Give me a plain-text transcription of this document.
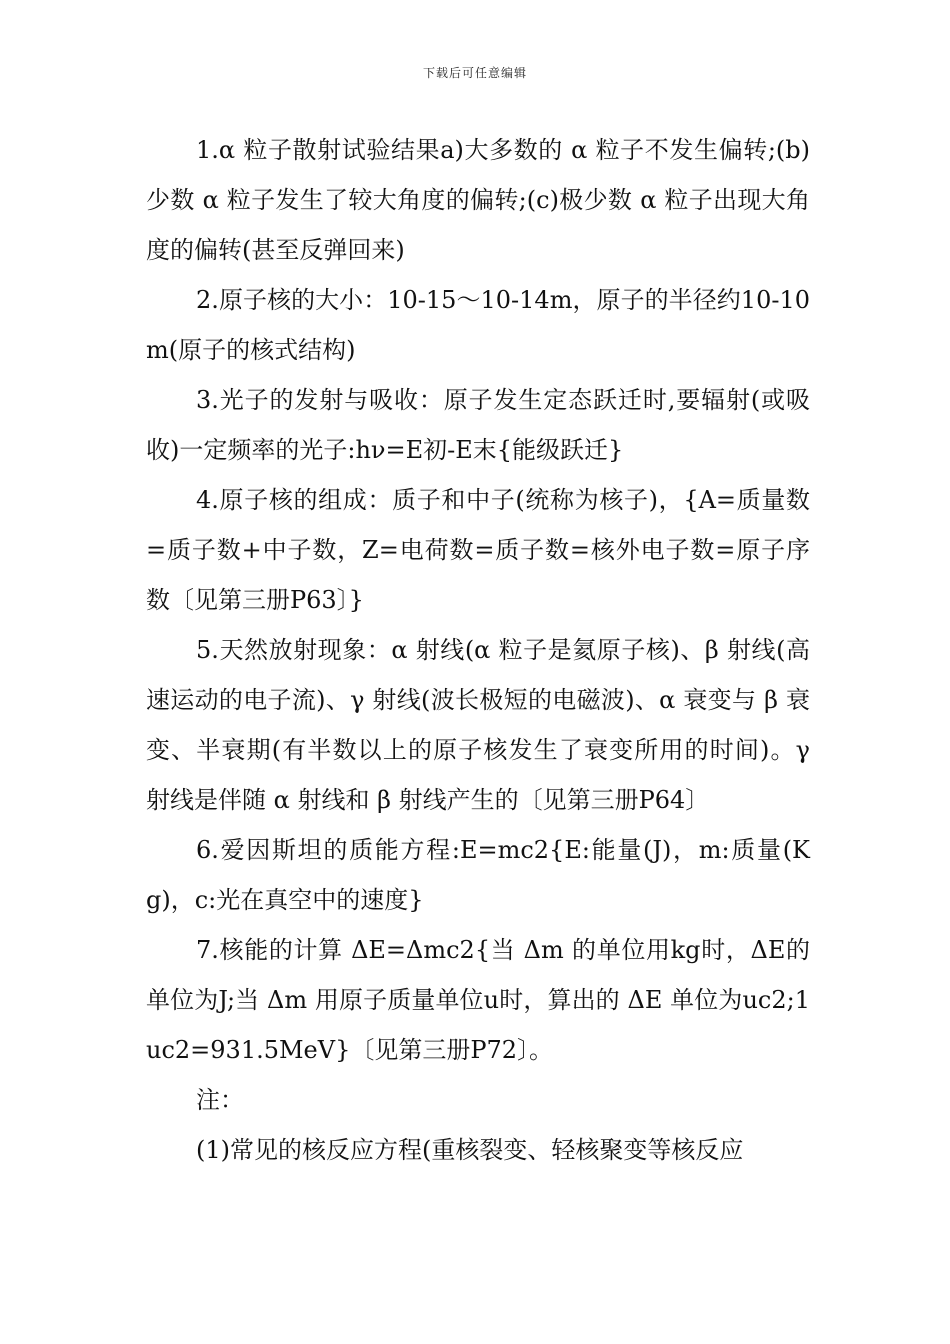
下载后可任意编辑

1.α 粒子散射试验结果a)大多数的 α 粒子不发生偏转;(b)少数 α 粒子发生了较大角度的偏转;(c)极少数 α 粒子出现大角度的偏转(甚至反弹回来)

2.原子核的大小：10-15～10-14m，原子的半径约10-10m(原子的核式结构)

3.光子的发射与吸收：原子发生定态跃迁时,要辐射(或吸收)一定频率的光子:hν=E初-E末{能级跃迁}

4.原子核的组成：质子和中子(统称为核子)，{A=质量数=质子数+中子数，Z=电荷数=质子数=核外电子数=原子序数〔见第三册P63〕}

5.天然放射现象：α 射线(α 粒子是氦原子核)、β 射线(高速运动的电子流)、γ 射线(波长极短的电磁波)、α 衰变与 β 衰变、半衰期(有半数以上的原子核发生了衰变所用的时间)。γ 射线是伴随 α 射线和 β 射线产生的〔见第三册P64〕

6.爱因斯坦的质能方程:E=mc2{E:能量(J)，m:质量(Kg)，c:光在真空中的速度}

7.核能的计算 ΔE=Δmc2{当 Δm 的单位用kg时，ΔE的单位为J;当 Δm 用原子质量单位u时，算出的 ΔE 单位为uc2;1uc2=931.5MeV}〔见第三册P72〕。

注：

(1)常见的核反应方程(重核裂变、轻核聚变等核反应
